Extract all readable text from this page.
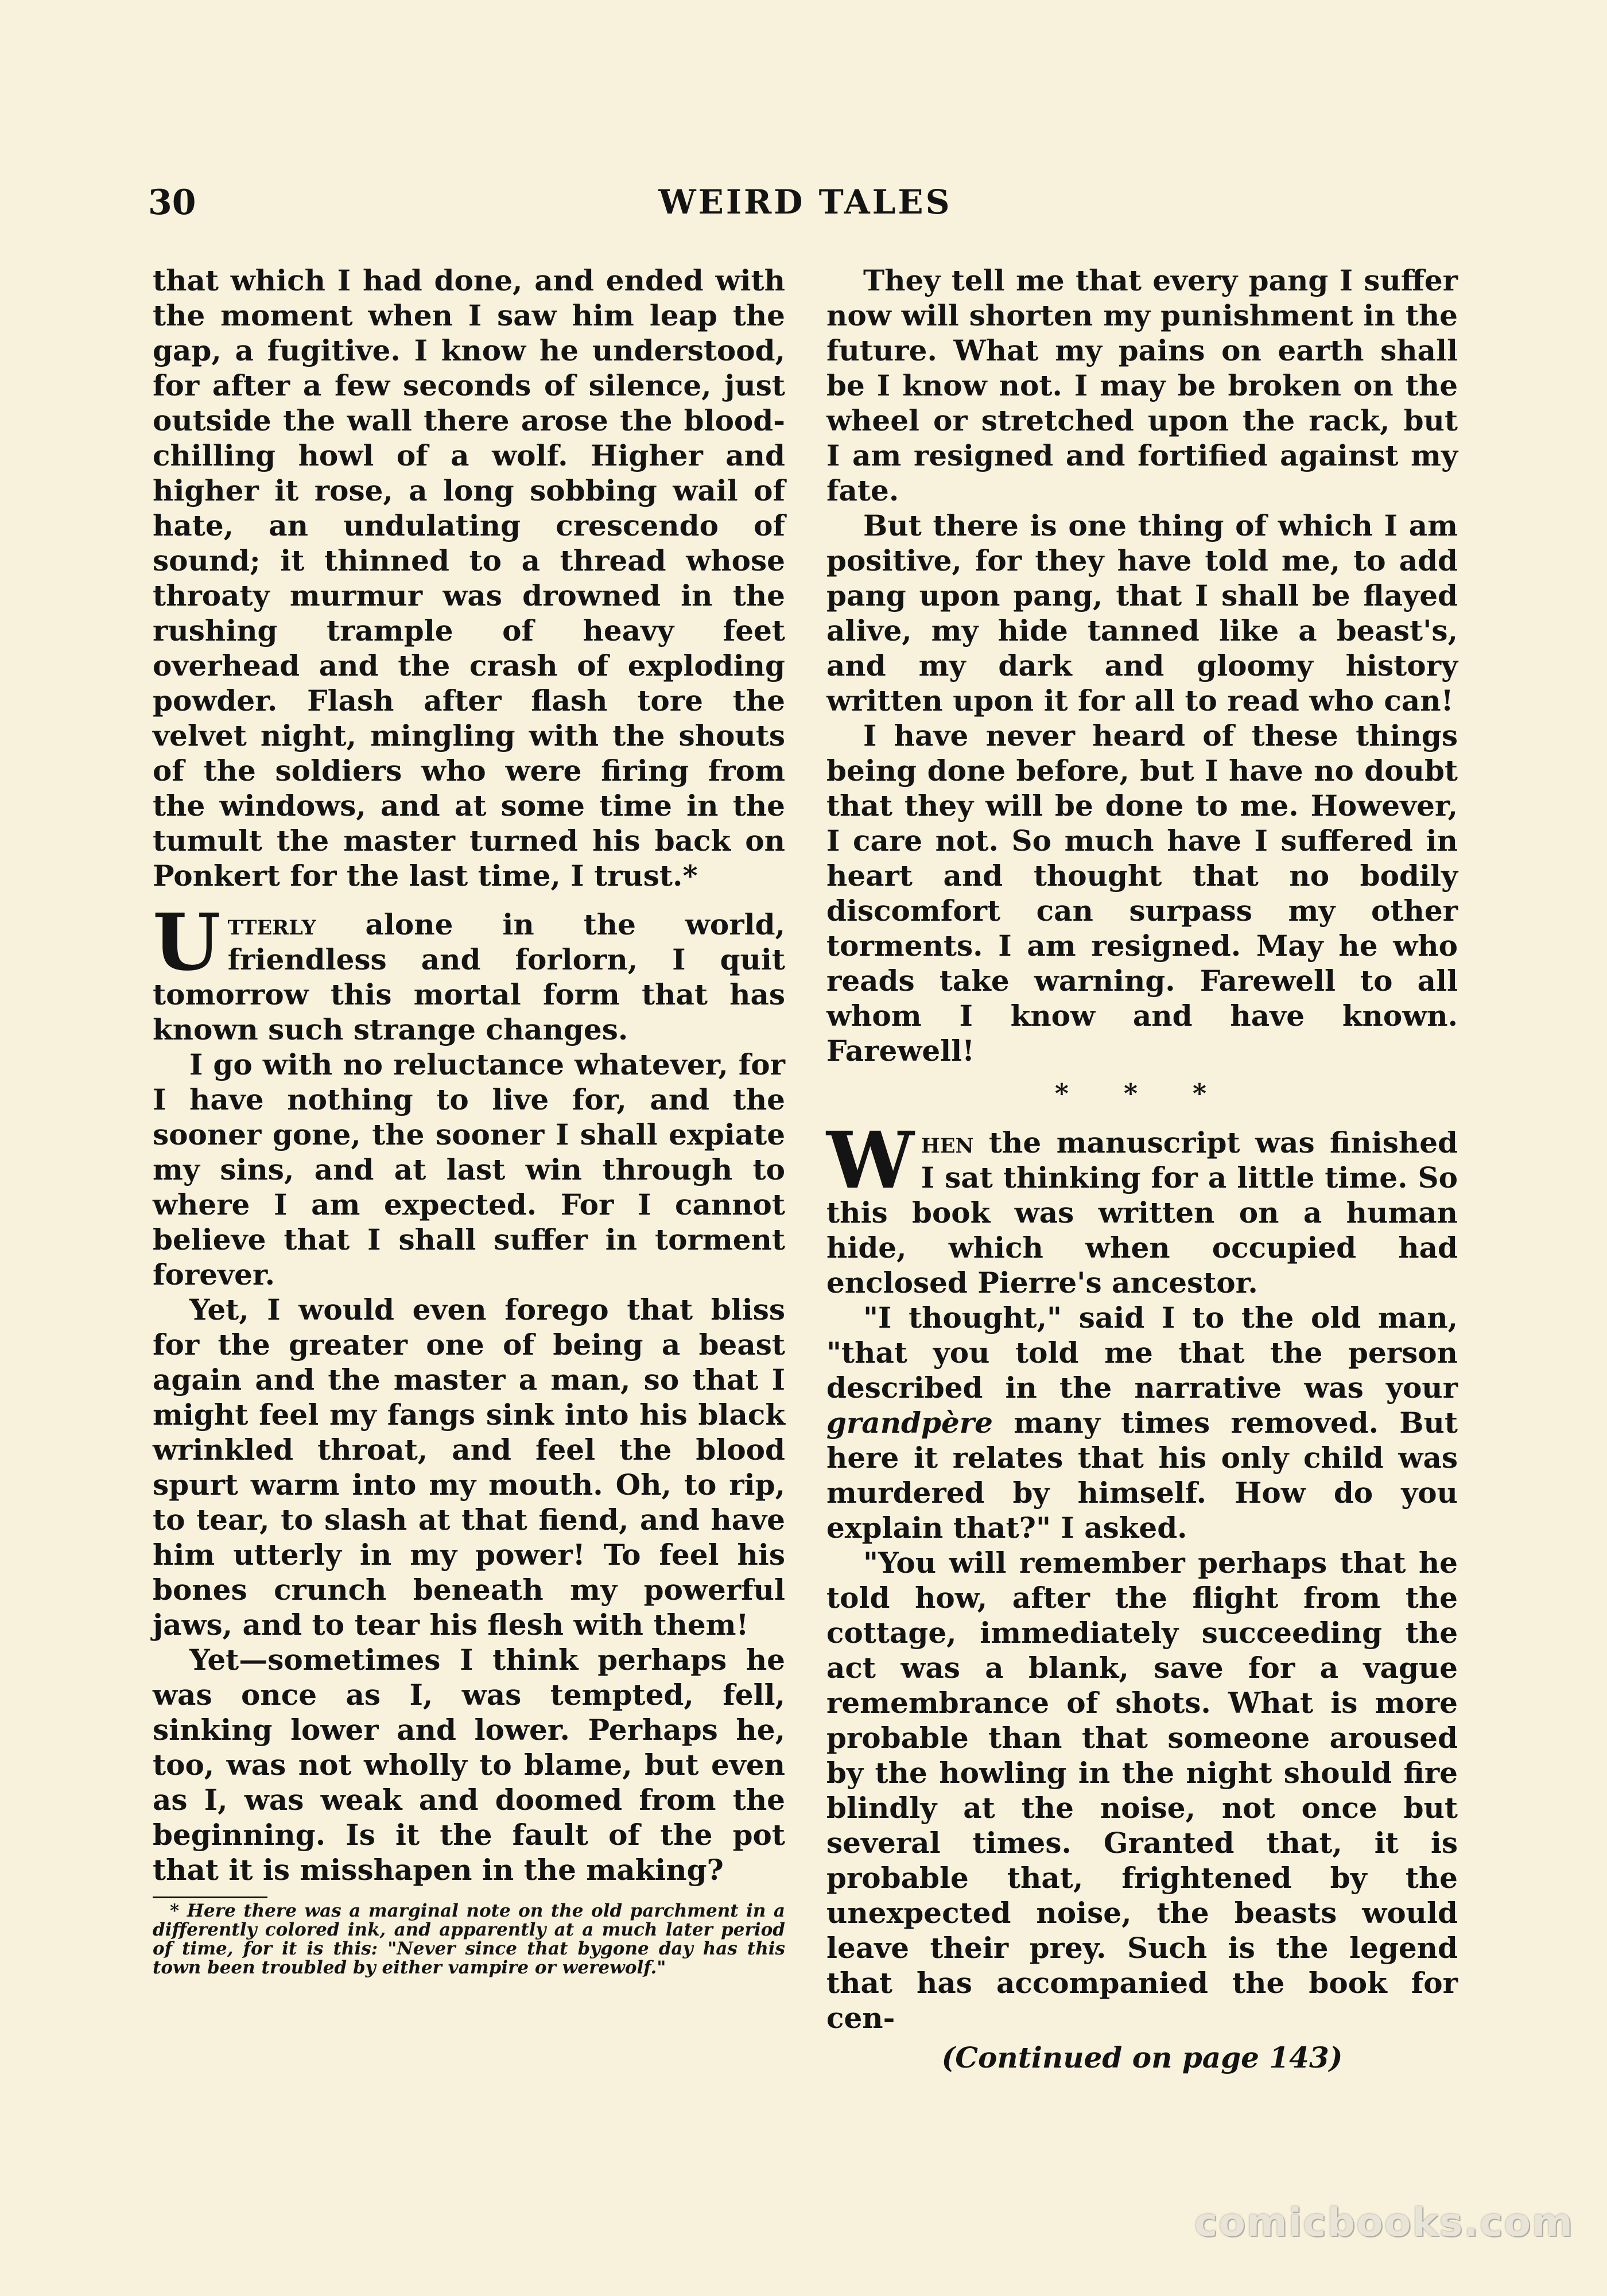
30	WEIRD TALES

that which I had done, and ended with the moment when I saw him leap the gap, a fugitive. I know he understood, for after a few seconds of silence, just outside the wall there arose the blood-chilling howl of a wolf. Higher and higher it rose, a long sobbing wail of hate, an undulating crescendo of sound; it thinned to a thread whose throaty murmur was drowned in the rushing trample of heavy feet overhead and the crash of exploding powder. Flash after flash tore the velvet night, mingling with the shouts of the soldiers who were firing from the windows, and at some time in the tumult the master turned his back on Ponkert for the last time, I trust.*

Utterly alone in the world, friendless and forlorn, I quit tomorrow this mortal form that has known such strange changes.

I go with no reluctance whatever, for I have nothing to live for, and the sooner gone, the sooner I shall expiate my sins, and at last win through to where I am expected. For I cannot believe that I shall suffer in torment forever.

Yet, I would even forego that bliss for the greater one of being a beast again and the master a man, so that I might feel my fangs sink into his black wrinkled throat, and feel the blood spurt warm into my mouth. Oh, to rip, to tear, to slash at that fiend, and have him utterly in my power! To feel his bones crunch beneath my powerful jaws, and to tear his flesh with them!

Yet—sometimes I think perhaps he was once as I, was tempted, fell, sinking lower and lower. Perhaps he, too, was not wholly to blame, but even as I, was weak and doomed from the beginning. Is it the fault of the pot that it is misshapen in the making?

* Here there was a marginal note on the old parchment in a differently colored ink, and apparently at a much later period of time, for it is this: "Never since that bygone day has this town been troubled by either vampire or werewolf."

They tell me that every pang I suffer now will shorten my punishment in the future. What my pains on earth shall be I know not. I may be broken on the wheel or stretched upon the rack, but I am resigned and fortified against my fate.

But there is one thing of which I am positive, for they have told me, to add pang upon pang, that I shall be flayed alive, my hide tanned like a beast's, and my dark and gloomy history written upon it for all to read who can!

I have never heard of these things being done before, but I have no doubt that they will be done to me. However, I care not. So much have I suffered in heart and thought that no bodily discomfort can surpass my other torments. I am resigned. May he who reads take warning. Farewell to all whom I know and have known. Farewell!

* * *

When the manuscript was finished I sat thinking for a little time. So this book was written on a human hide, which when occupied had enclosed Pierre's ancestor.

"I thought," said I to the old man, "that you told me that the person described in the narrative was your grandpère many times removed. But here it relates that his only child was murdered by himself. How do you explain that?" I asked.

"You will remember perhaps that he told how, after the flight from the cottage, immediately succeeding the act was a blank, save for a vague remembrance of shots. What is more probable than that someone aroused by the howling in the night should fire blindly at the noise, not once but several times. Granted that, it is probable that, frightened by the unexpected noise, the beasts would leave their prey. Such is the legend that has accompanied the book for cen-

(Continued on page 143)
comicbooks.com
